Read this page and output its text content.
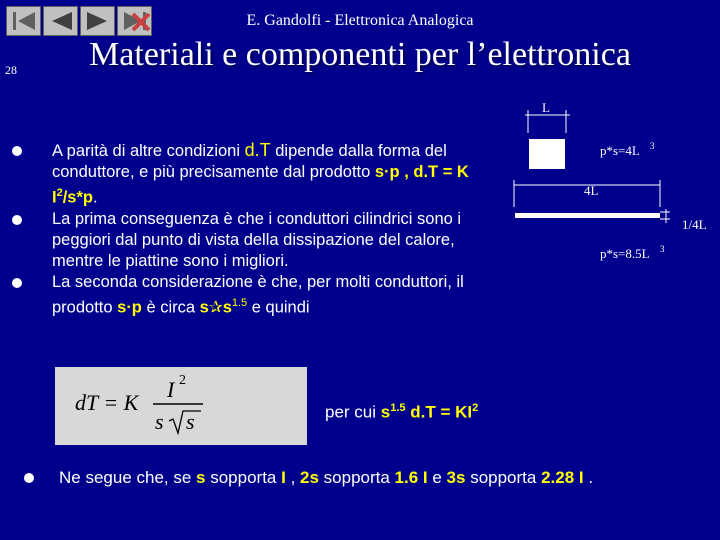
E. Gandolfi - Elettronica Analogica
28	Materiali e componenti per l’elettronica
A parità di altre condizioni d.T dipende dalla forma del conduttore, e più precisamente dal prodotto s·p , d.T = K $I^2/s*p$.
La prima conseguenza è che i conduttori cilindrici sono i peggiori dal punto di vista della dissipazione del calore, mentre le piattine sono i migliori.
La seconda considerazione è che, per molti conduttori, il prodotto s·p è circa $s✰s^{1.5}$ e quindi
dT = K
I 2
s s	per cui $s^{1.5}$ $d.T = KI^2$
Ne segue che, se s sopporta I , 2s sopporta 1.6 I e 3s sopporta 2.28 I .
L
p*s=4L 3
4L
1/4L
p*s=8.5L 3
